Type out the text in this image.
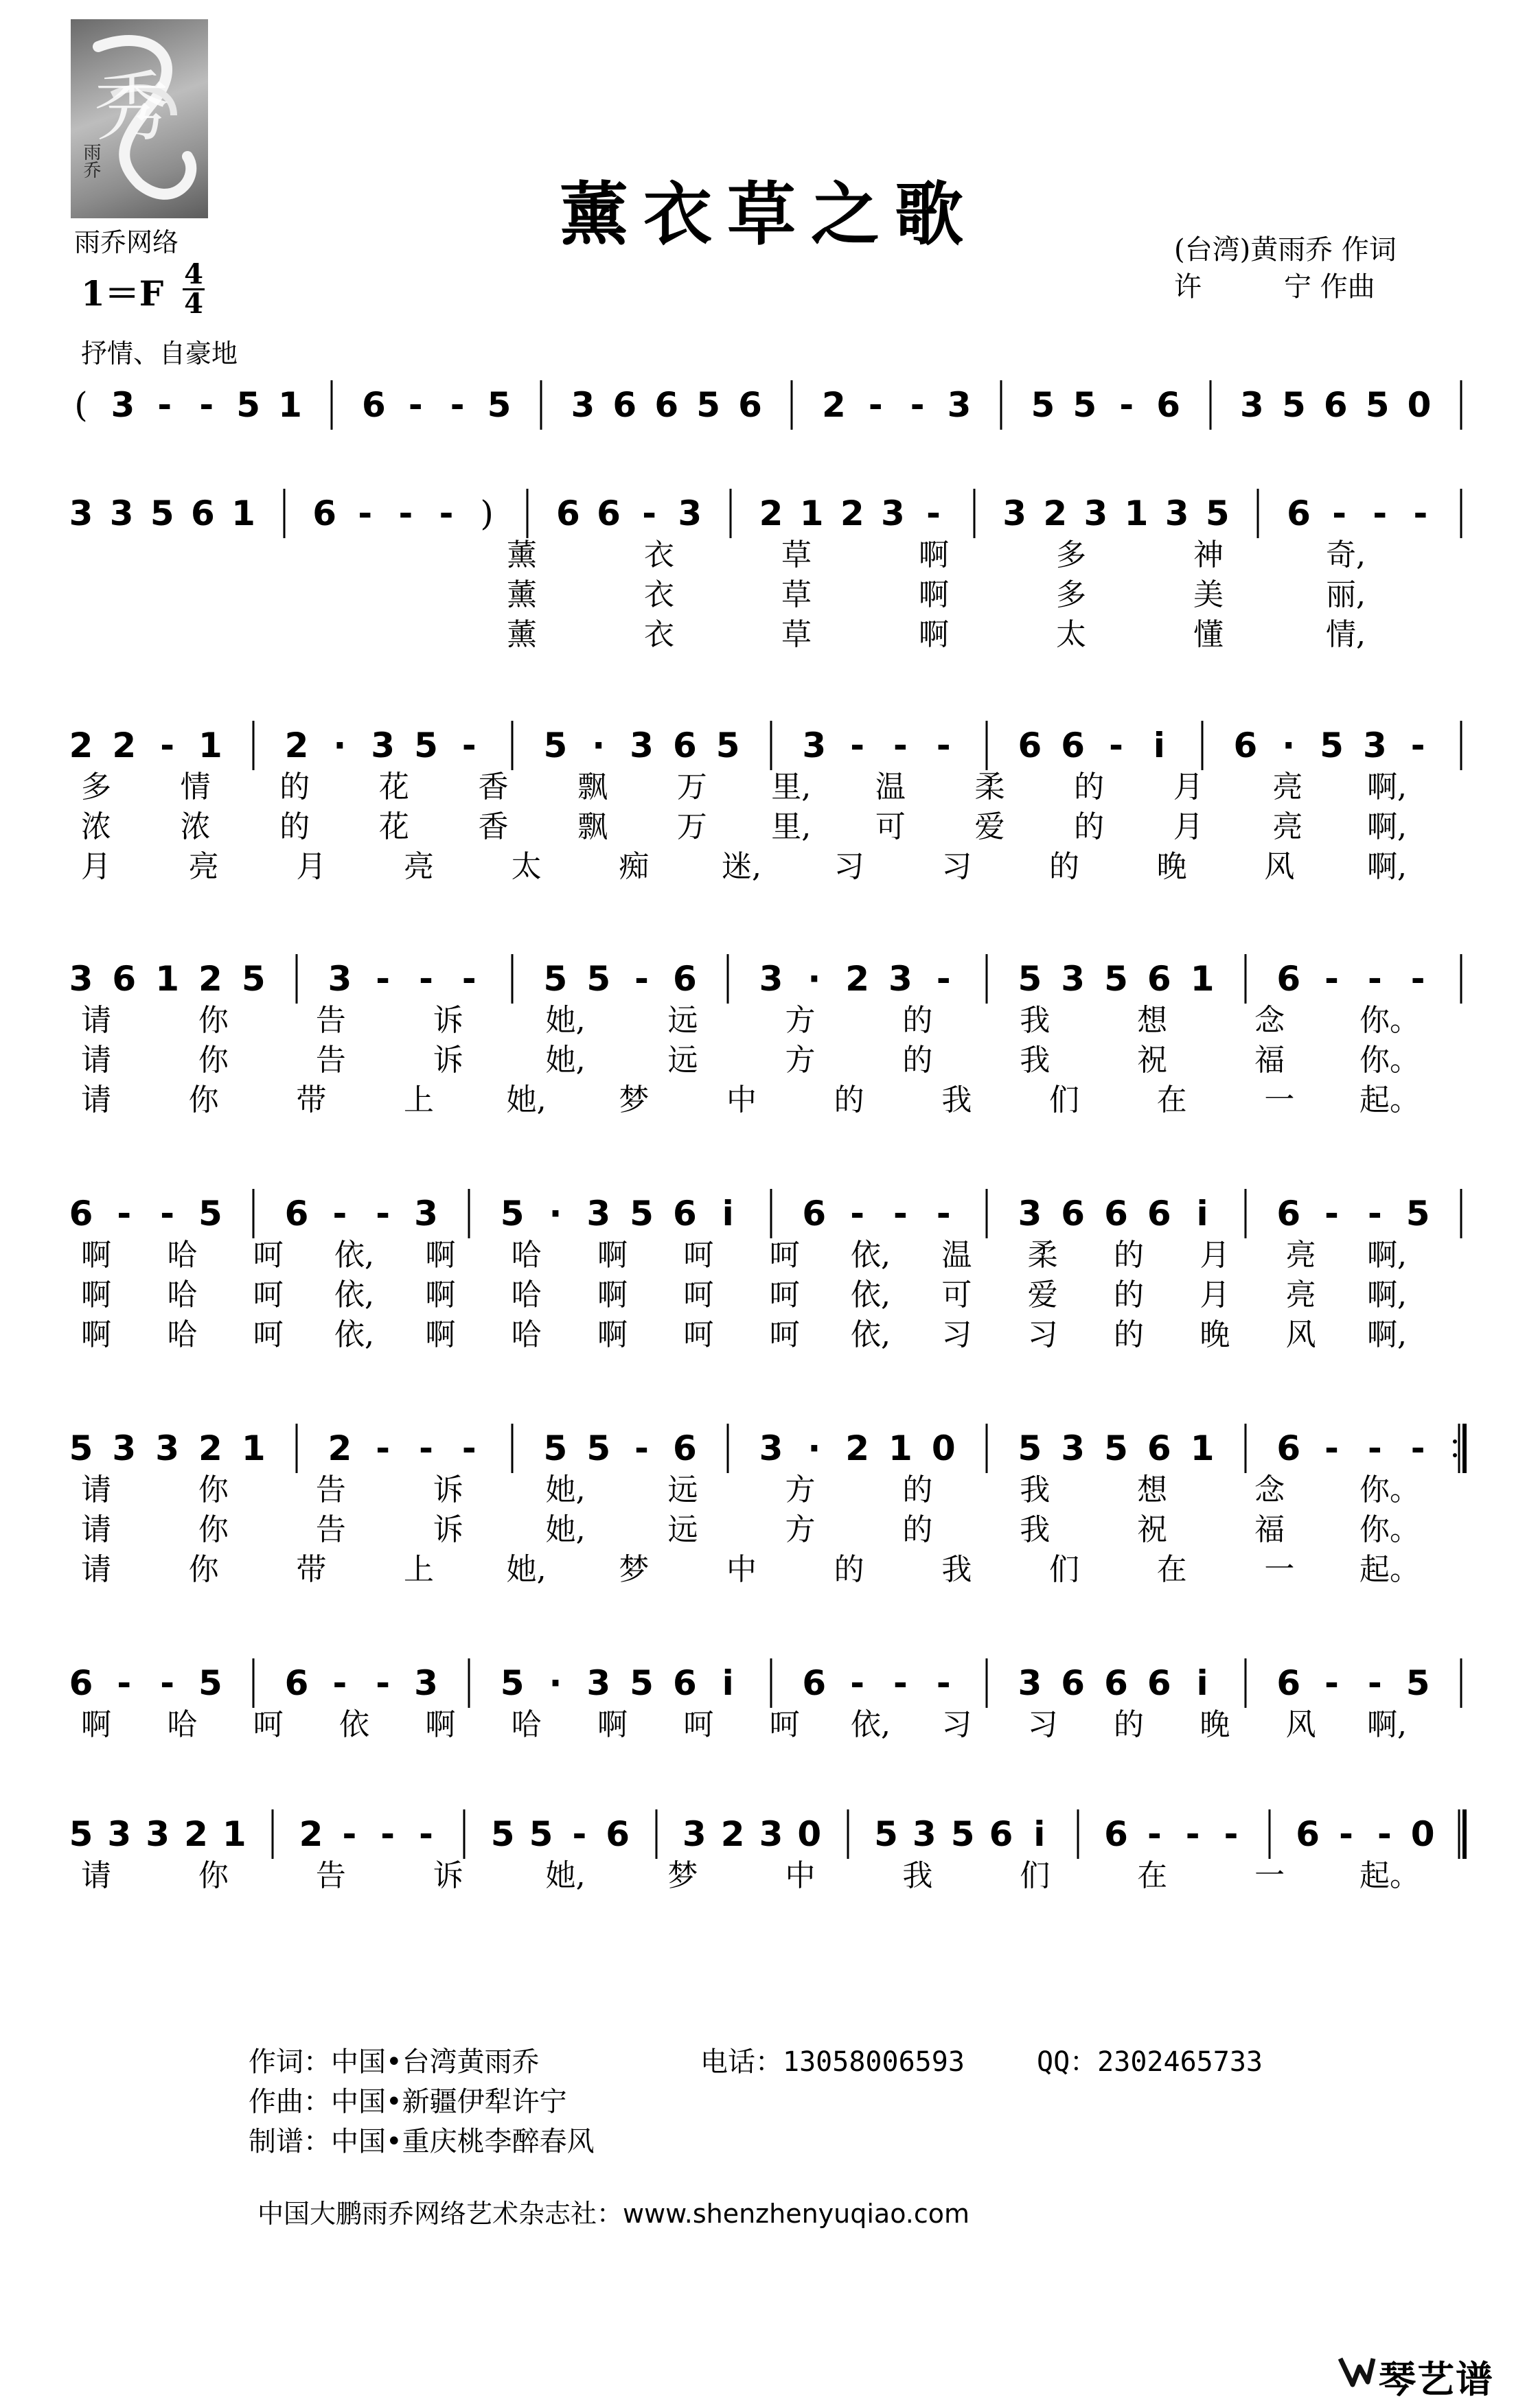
秀
雨乔
雨乔网络	薰衣草之歌	(台湾)黄雨乔 作词
许　　　宁 作曲
1＝F 4
4
抒情、自豪地
( 3 - - 5 1 6 - - 5 3 6 6 5 6 2 - - 3 5 5 - 6 3 5 6 5 0
3 3 5 6 1 6 - - - )	6 6 - 3 2 1 2 3 -	3 2 3 1 3 5 6 - - -
薰	衣	草	啊	多	神	奇,
薰	衣	草	啊	多	美	丽,
薰	衣	草	啊	太	懂	情,
2 2 - 1 2 · 3 5 -	5 · 3 6 5 3 - - -	6 6 - i	6 · 5 3 -
多	情	的	花	香	飘	万	里,	温	柔	的	月	亮	啊,
浓	浓	的	花	香	飘	万	里,	可	爱	的	月	亮	啊,
月	亮	月	亮	太	痴	迷,	习	习	的	晚	风	啊,
3 6 1 2 5 3 - - -	5 5 - 6 3 · 2 3 -	5 3 5 6 1 6 - - -
请	你	告	诉	她,	远	方	的	我	想	念	你。
请	你	告	诉	她,	远	方	的	我	祝	福	你。
请	你	带	上	她,	梦	中	的	我	们	在	一	起。
6 - - 5 6 - - 3 5 · 3 5 6 i	6 - - -	3 6 6 6 i	6 - - 5
啊	哈	呵	依,	啊	哈	啊	呵	呵	依,	温	柔	的	月	亮	啊,
啊	哈	呵	依,	啊	哈	啊	呵	呵	依,	可	爱	的	月	亮	啊,
啊	哈	呵	依,	啊	哈	啊	呵	呵	依,	习	习	的	晚	风	啊,
5 3 3 2 1 2 - - -	5 5 - 6 3 · 2 1 0 5 3 5 6 1 6 - - -
请	你	告	诉	她,	远	方	的	我	想	念	你。
请	你	告	诉	她,	远	方	的	我	祝	福	你。
请	你	带	上	她,	梦	中	的	我	们	在	一	起。
6 - - 5 6 - - 3 5 · 3 5 6 i	6 - - -	3 6 6 6 i	6 - - 5
啊	哈	呵	依	啊	哈	啊	呵	呵	依,	习	习	的	晚	风	啊,
5 3 3 2 1 2 - - -	5 5 - 6 3 2 3 0 5 3 5 6 i	6 - - -	6 - - 0
请	你	告	诉	她,	梦	中	我	们	在	一	起。
作词：中国•台湾黄雨乔	电话：13058006593	QQ：2302465733
作曲：中国•新疆伊犁许宁
制谱：中国•重庆桃李醉春风
中国大鹏雨乔网络艺术杂志社：www.shenzhenyuqiao.com
琴艺谱
